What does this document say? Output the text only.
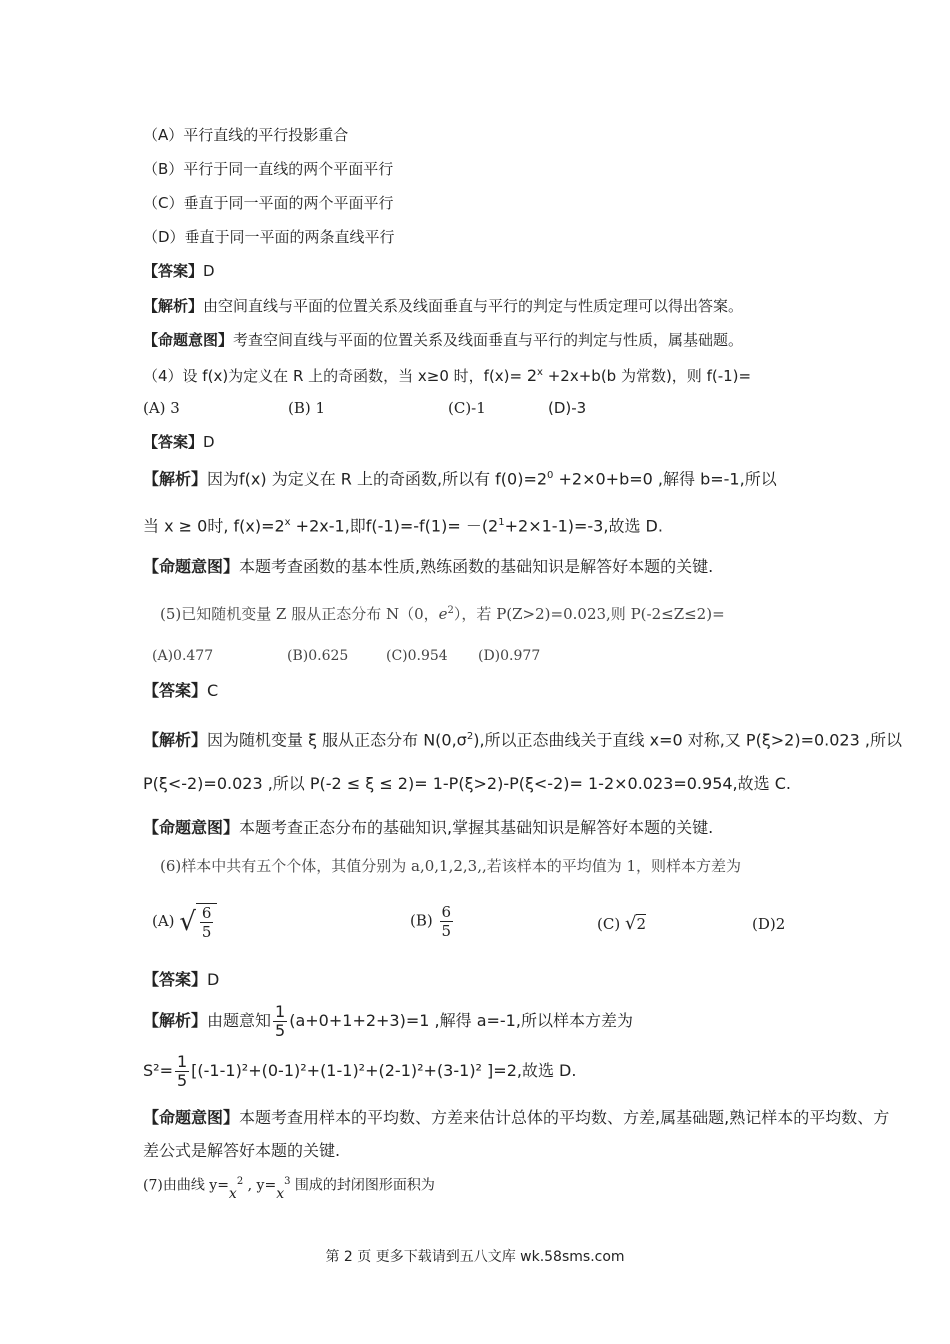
（A）平行直线的平行投影重合
（B）平行于同一直线的两个平面平行
（C）垂直于同一平面的两个平面平行
（D）垂直于同一平面的两条直线平行
【答案】D
【解析】由空间直线与平面的位置关系及线面垂直与平行的判定与性质定理可以得出答案。
【命题意图】考查空间直线与平面的位置关系及线面垂直与平行的判定与性质，属基础题。
（4）设 f(x)为定义在 R 上的奇函数，当 x≥0 时，$f(x)= 2^x +2x+b(b$ 为常数)，则 f(-1)=
(A) 3	(B) 1	(C)-1	(D)-3
【答案】D
【解析】因为f(x) 为定义在 R 上的奇函数,所以有 $f(0)=2^0 +2\times 0+b=0$ ,解得 b=-1,所以
当 x ≥ 0时, $f(x)=2^x +2x-1$,即$f(-1)=-f(1)= -(2^1+2\times 1-1)=-3$,故选 D.
【命题意图】本题考查函数的基本性质,熟练函数的基础知识是解答好本题的关键.
(5)已知随机变量 Z 服从正态分布 N（0，$e^2$），若 P(Z>2)=0.023,则 P(-2≤Z≤2)=
(A)0.477	(B)0.625	(C)0.954 (D)0.977
【答案】C
【解析】因为随机变量 ξ 服从正态分布 $N(0,\sigma^2)$,所以正态曲线关于直线 x=0 对称,又 P(ξ>2)=0.023 ,所以
P(ξ<-2)=0.023 ,所以 P(-2 ≤ ξ ≤ 2)= 1-P(ξ>2)-P(ξ<-2)= 1-2×0.023=0.954,故选 C.
【命题意图】本题考查正态分布的基础知识,掌握其基础知识是解答好本题的关键.
(6)样本中共有五个个体，其值分别为 a,0,1,2,3,,若该样本的平均值为 1，则样本方差为
(A) √ $\frac{6}{5}$	$(B) \frac{6}{5}$	(C) √2	(D)2
【答案】D
【解析】由题意知 $\frac{1}{5} (a+0+1+2+3)=1$ ,解得 a=-1,所以样本方差为
$S^2= \frac{1}{5} [(-1-1)^2+(0-1)^2+(1-1)^2+(2-1)^2+(3-1)^2$ ]=2,故选 D.
【命题意图】本题考查用样本的平均数、方差来估计总体的平均数、方差,属基础题,熟记样本的平均数、方
差公式是解答好本题的关键.
(7)由曲线 $y=x^2$ , $y=x^3$ 围成的封闭图形面积为
第 2 页 更多下载请到五八文库 wk.58sms.com
